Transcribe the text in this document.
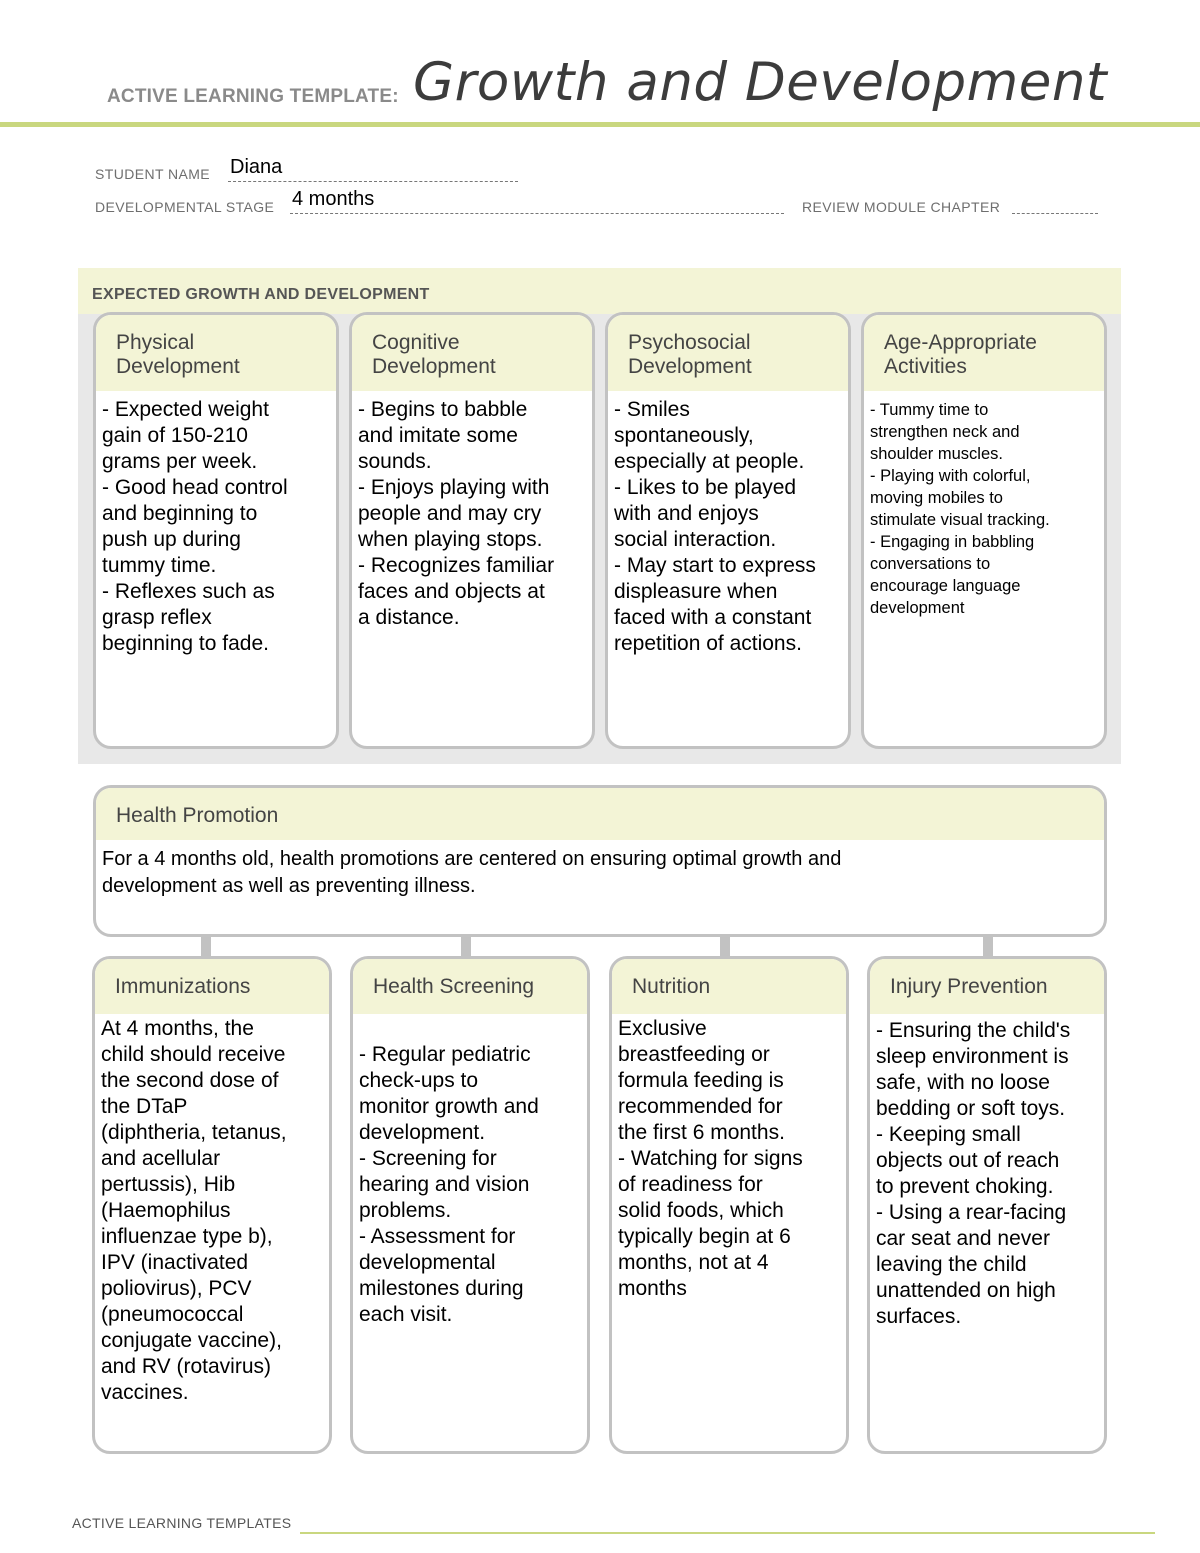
ACTIVE LEARNING TEMPLATE: Growth and Development
STUDENT NAME Diana
DEVELOPMENTAL STAGE 4 months	REVIEW MODULE CHAPTER
EXPECTED GROWTH AND DEVELOPMENT
Physical
Development
- Expected weight
gain of 150-210
grams per week.
- Good head control
and beginning to
push up during
tummy time.
- Reflexes such as
grasp reflex
beginning to fade.
Cognitive
Development
- Begins to babble
and imitate some
sounds.
- Enjoys playing with
people and may cry
when playing stops.
- Recognizes familiar
faces and objects at
a distance.
Psychosocial
Development
- Smiles
spontaneously,
especially at people.
- Likes to be played
with and enjoys
social interaction.
- May start to express
displeasure when
faced with a constant
repetition of actions.
Age-Appropriate
Activities
- Tummy time to
strengthen neck and
shoulder muscles.
- Playing with colorful,
moving mobiles to
stimulate visual tracking.
- Engaging in babbling
conversations to
encourage language
development
Health Promotion
For a 4 months old, health promotions are centered on ensuring optimal growth and
development as well as preventing illness.
Immunizations
At 4 months, the
child should receive
the second dose of
the DTaP
(diphtheria, tetanus,
and acellular
pertussis), Hib
(Haemophilus
influenzae type b),
IPV (inactivated
poliovirus), PCV
(pneumococcal
conjugate vaccine),
and RV (rotavirus)
vaccines.
Health Screening

- Regular pediatric
check-ups to
monitor growth and
development.
- Screening for
hearing and vision
problems.
- Assessment for
developmental
milestones during
each visit.
Nutrition
Exclusive
breastfeeding or
formula feeding is
recommended for
the first 6 months.
- Watching for signs
of readiness for
solid foods, which
typically begin at 6
months, not at 4
months
Injury Prevention
- Ensuring the child's
sleep environment is
safe, with no loose
bedding or soft toys.
- Keeping small
objects out of reach
to prevent choking.
- Using a rear-facing
car seat and never
leaving the child
unattended on high
surfaces.
ACTIVE LEARNING TEMPLATES
